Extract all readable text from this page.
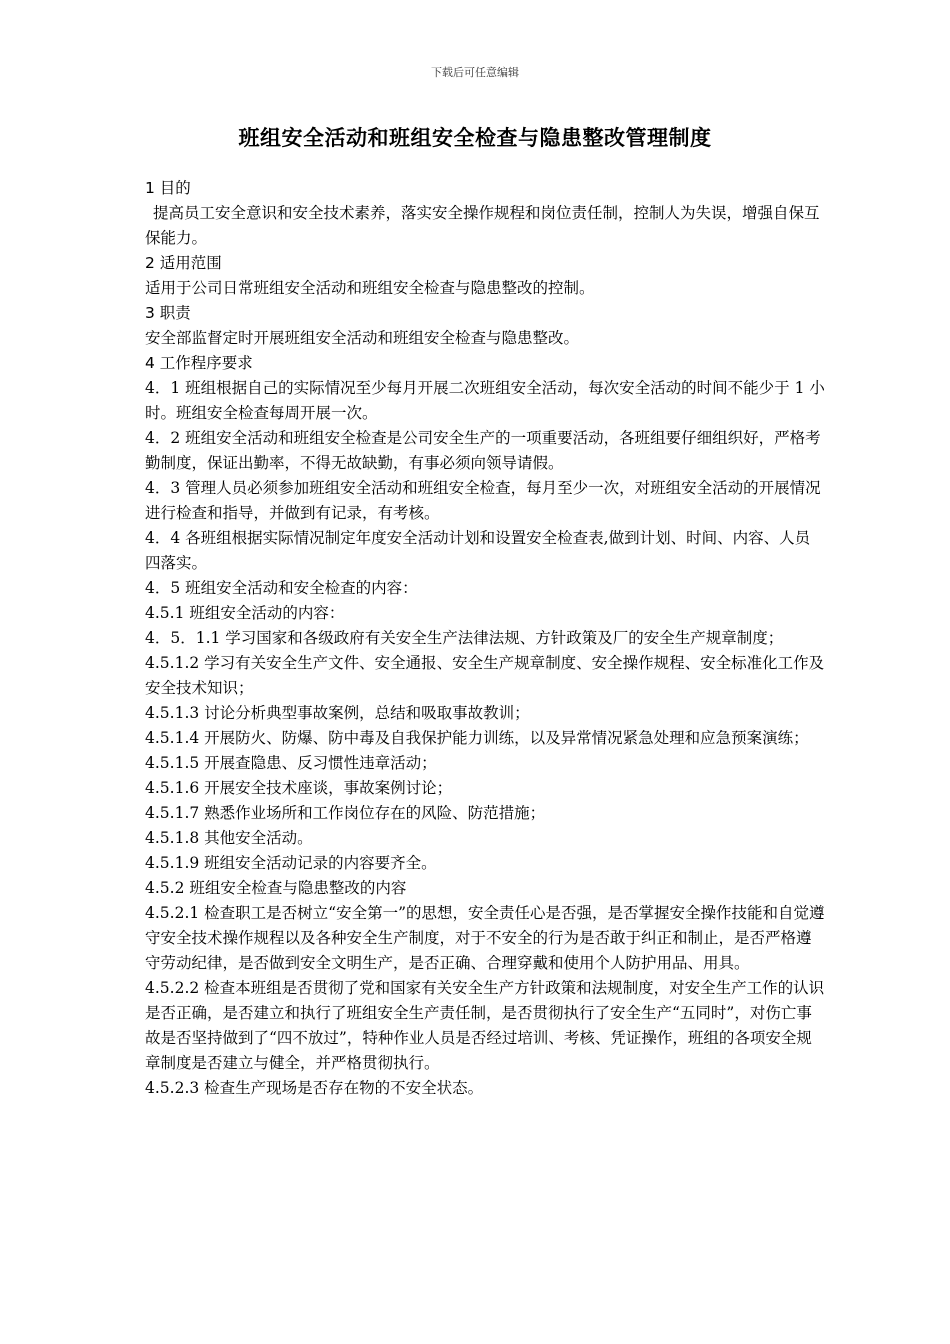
下载后可任意编辑
班组安全活动和班组安全检查与隐患整改管理制度

1 目的

提高员工安全意识和安全技术素养，落实安全操作规程和岗位责任制，控制人为失误，增强自保互保能力。

2 适用范围

适用于公司日常班组安全活动和班组安全检查与隐患整改的控制。

3 职责

安全部监督定时开展班组安全活动和班组安全检查与隐患整改。

4 工作程序要求

4．1 班组根据自己的实际情况至少每月开展二次班组安全活动，每次安全活动的时间不能少于 1 小时。班组安全检查每周开展一次。

4．2 班组安全活动和班组安全检查是公司安全生产的一项重要活动，各班组要仔细组织好，严格考勤制度，保证出勤率，不得无故缺勤，有事必须向领导请假。

4．3 管理人员必须参加班组安全活动和班组安全检查，每月至少一次，对班组安全活动的开展情况进行检查和指导，并做到有记录，有考核。

4．4 各班组根据实际情况制定年度安全活动计划和设置安全检查表,做到计划、时间、内容、人员四落实。

4．5 班组安全活动和安全检查的内容：

4.5.1 班组安全活动的内容：

4．5．1.1 学习国家和各级政府有关安全生产法律法规、方针政策及厂的安全生产规章制度；

4.5.1.2 学习有关安全生产文件、安全通报、安全生产规章制度、安全操作规程、安全标准化工作及安全技术知识；

4.5.1.3 讨论分析典型事故案例，总结和吸取事故教训；

4.5.1.4 开展防火、防爆、防中毒及自我保护能力训练，以及异常情况紧急处理和应急预案演练；

4.5.1.5 开展查隐患、反习惯性违章活动；

4.5.1.6 开展安全技术座谈，事故案例讨论；

4.5.1.7 熟悉作业场所和工作岗位存在的风险、防范措施；

4.5.1.8 其他安全活动。

4.5.1.9 班组安全活动记录的内容要齐全。

4.5.2 班组安全检查与隐患整改的内容

4.5.2.1 检查职工是否树立“安全第一”的思想，安全责任心是否强，是否掌握安全操作技能和自觉遵守安全技术操作规程以及各种安全生产制度，对于不安全的行为是否敢于纠正和制止，是否严格遵守劳动纪律，是否做到安全文明生产，是否正确、合理穿戴和使用个人防护用品、用具。

4.5.2.2 检查本班组是否贯彻了党和国家有关安全生产方针政策和法规制度，对安全生产工作的认识是否正确，是否建立和执行了班组安全生产责任制，是否贯彻执行了安全生产“五同时”，对伤亡事故是否坚持做到了“四不放过”，特种作业人员是否经过培训、考核、凭证操作，班组的各项安全规章制度是否建立与健全，并严格贯彻执行。

4.5.2.3 检查生产现场是否存在物的不安全状态。
